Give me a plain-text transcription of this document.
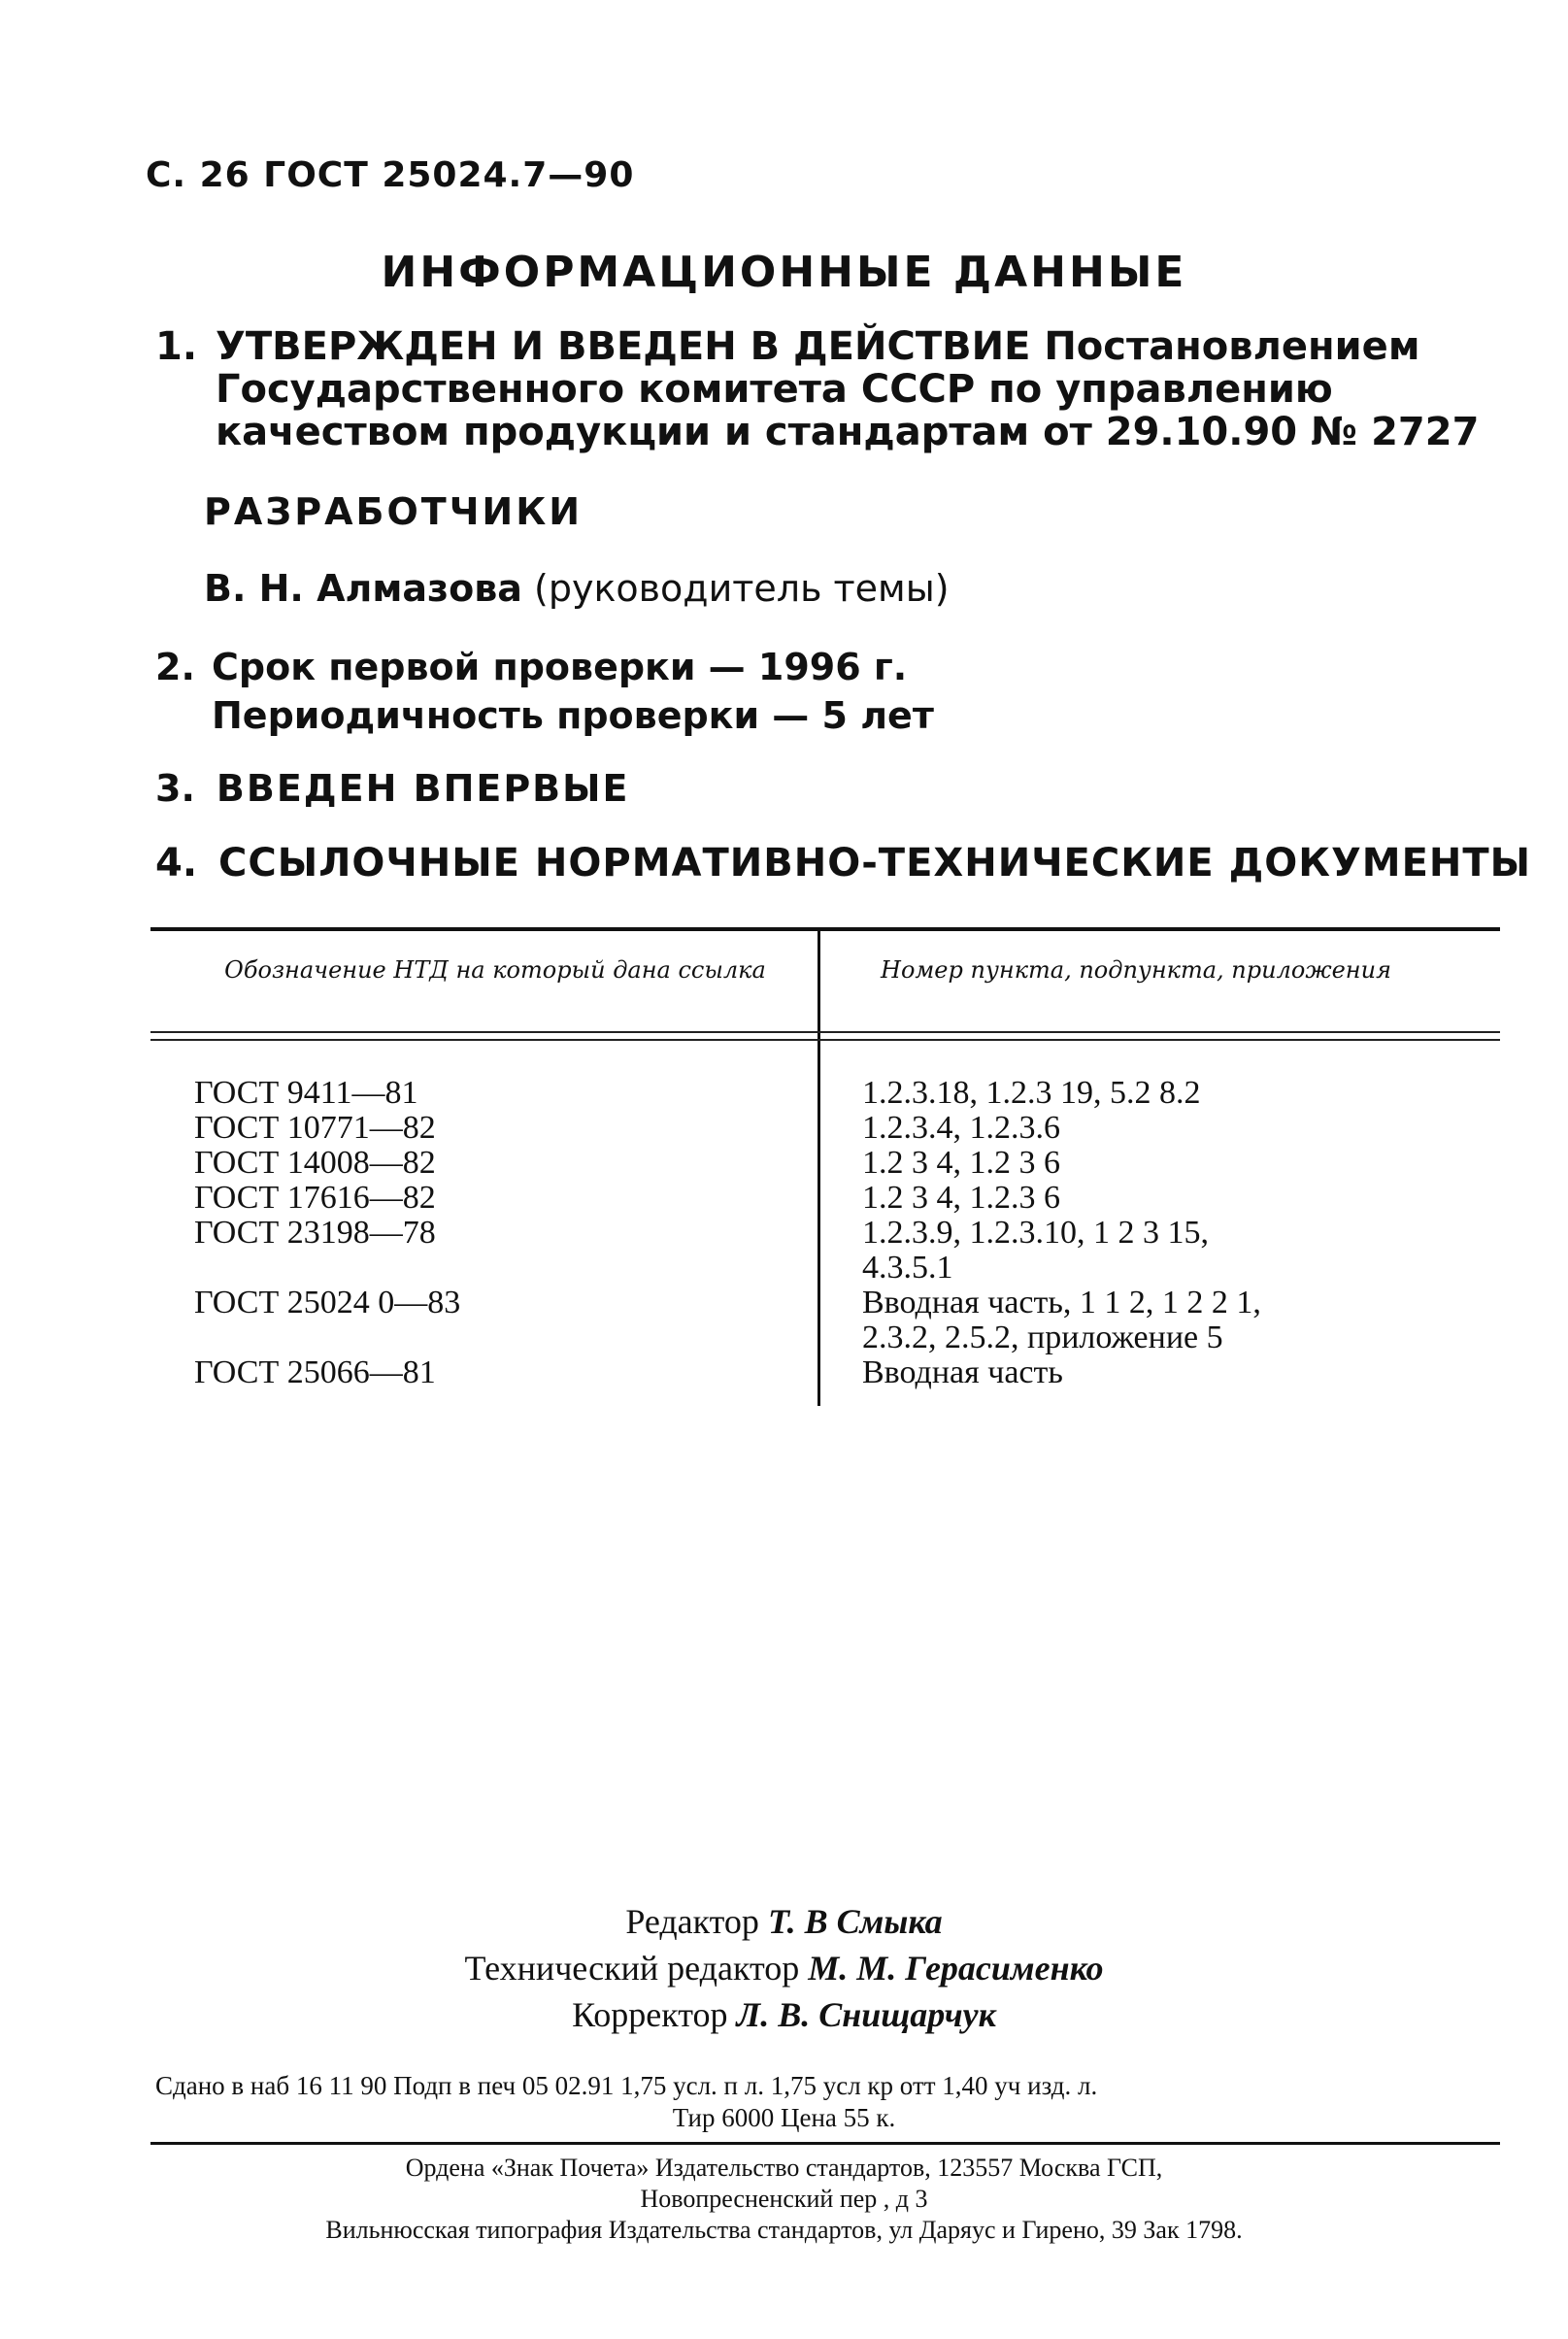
С. 26 ГОСТ 25024.7—90
ИНФОРМАЦИОННЫЕ ДАННЫЕ
1. УТВЕРЖДЕН И ВВЕДЕН В ДЕЙСТВИЕ Постановлением Государственного комитета СССР по управлению качеством продукции и стандартам от 29.10.90 № 2727
РАЗРАБОТЧИКИ
В. Н. Алмазова (руководитель темы)
2. Срок первой проверки — 1996 г.
Периодичность проверки — 5 лет
3. ВВЕДЕН ВПЕРВЫЕ
4. ССЫЛОЧНЫЕ НОРМАТИВНО-ТЕХНИЧЕСКИЕ ДОКУМЕНТЫ
Обозначение НТД на который дана ссылка	Номер пункта, подпункта, приложения
ГОСТ 9411—81
ГОСТ 10771—82
ГОСТ 14008—82
ГОСТ 17616—82
ГОСТ 23198—78

ГОСТ 25024 0—83

ГОСТ 25066—81
1.2.3.18, 1.2.3 19, 5.2 8.2
1.2.3.4, 1.2.3.6
1.2 3 4, 1.2 3 6
1.2 3 4, 1.2.3 6
1.2.3.9, 1.2.3.10, 1 2 3 15,
4.3.5.1
Вводная часть, 1 1 2, 1 2 2 1,
2.3.2, 2.5.2, приложение 5
Вводная часть
Редактор Т. В Смыка
Технический редактор М. М. Герасименко
Корректор Л. В. Снищарчук
Сдано в наб 16 11 90 Подп в печ 05 02.91 1,75 усл. п л. 1,75 усл кр отт 1,40 уч изд. л.
Тир 6000 Цена 55 к.
Ордена «Знак Почета» Издательство стандартов, 123557 Москва ГСП,
Новопресненский пер , д 3
Вильнюсская типография Издательства стандартов, ул Даряус и Гирено, 39 Зак 1798.
